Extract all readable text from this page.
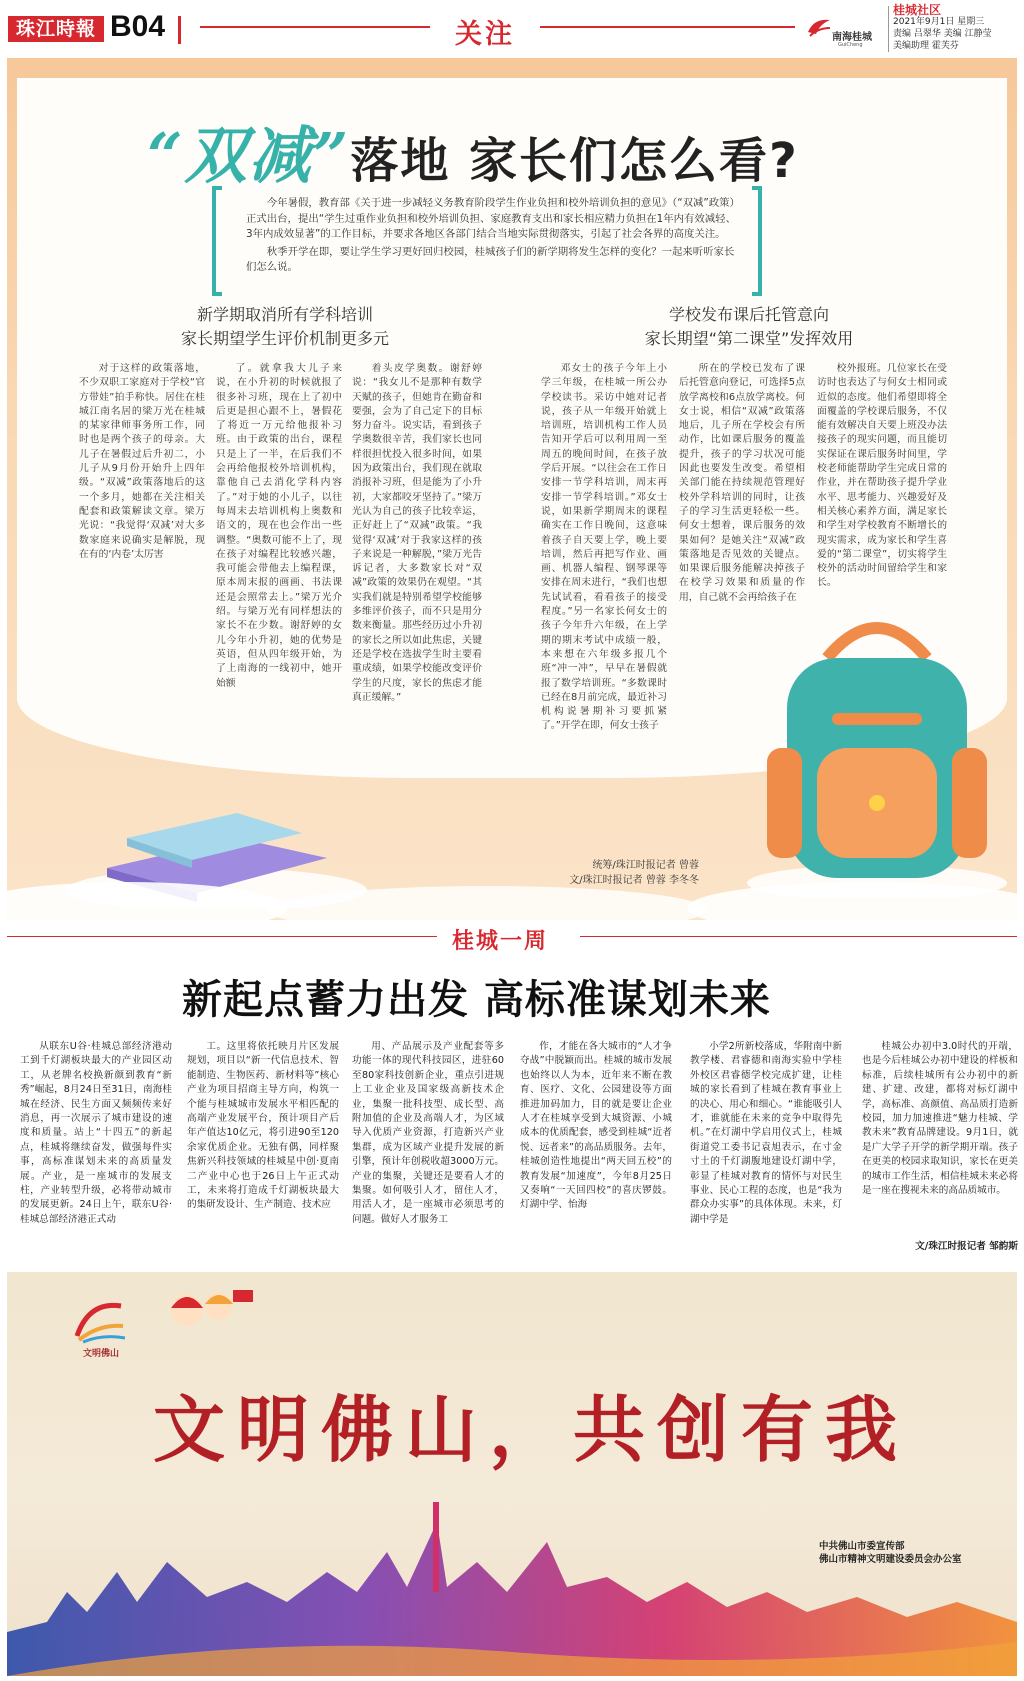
珠江時報 B04	关注	南海桂城
GuiCheng
桂城社区
2021年9月1日 星期三
责编 吕翠华 美编 江静莹
美编助理 霍芙芬
“双减”落地 家长们怎么看?

今年暑假，教育部《关于进一步减轻义务教育阶段学生作业负担和校外培训负担的意见》（“双减”政策）正式出台，提出“学生过重作业负担和校外培训负担、家庭教育支出和家长相应精力负担在1年内有效减轻、3年内成效显著”的工作目标，并要求各地区各部门结合当地实际贯彻落实，引起了社会各界的高度关注。

秋季开学在即，要让学生学习更好回归校园，桂城孩子们的新学期将发生怎样的变化？一起来听听家长们怎么说。

新学期取消所有学科培训
家长期望学生评价机制更多元
学校发布课后托管意向
家长期望“第二课堂”发挥效用
对于这样的政策落地，不少双职工家庭对于学校“官方带娃”拍手称快。居住在桂城江南名居的梁万光在桂城的某家律师事务所工作，同时也是两个孩子的母亲。大儿子在暑假过后升初二，小儿子从9月份开始升上四年级。“双减”政策落地后的这一个多月，她都在关注相关配套和政策解读文章。梁万光说：“我觉得‘双减’对大多数家庭来说确实是解脱，现在有的‘内卷’太厉害
了。就拿我大儿子来说，在小升初的时候就报了很多补习班，现在上了初中后更是担心跟不上，暑假花了将近一万元给他报补习班。由于政策的出台，课程只是上了一半，在后我们不会再给他报校外培训机构，靠他自己去消化学科内容了。”对于她的小儿子，以往每周末去培训机构上奥数和语文的，现在也会作出一些调整。“奥数可能不上了，现在孩子对编程比较感兴趣，我可能会带他去上编程课，原本周末报的画画、书法课还是会照常去上。”梁万光介绍。与梁万光有同样想法的家长不在少数。谢舒婷的女儿今年小升初，她的优势是英语，但从四年级开始，为了上南海的一线初中，她开始额
着头皮学奥数。谢舒婷说：“我女儿不是那种有数学天赋的孩子，但她肯在勤奋和要强，会为了自己定下的目标努力奋斗。说实话，看到孩子学奥数很辛苦，我们家长也同样很担忧投入很多时间，如果因为政策出台，我们现在就取消报补习班，但是能为了小升初，大家都咬牙坚持了。”梁万光认为自己的孩子比较幸运，正好赶上了“双减”政策。“我觉得‘双减’对于我家这样的孩子来说是一种解脱，”梁万光告诉记者，大多数家长对“双减”政策的效果仍在观望。“其实我们就是特别希望学校能够多维评价孩子，而不只是用分数来衡量。那些经历过小升初的家长之所以如此焦虑，关键还是学校在选拔学生时主要看重成绩，如果学校能改变评价学生的尺度，家长的焦虑才能真正缓解。”
邓女士的孩子今年上小学三年级，在桂城一所公办学校读书。采访中她对记者说，孩子从一年级开始就上培训班，培训机构工作人员告知开学后可以利用周一至周五的晚间时间，在孩子放学后开展。“以往会在工作日安排一节学科培训，周末再安排一节学科培训。”邓女士说，如果新学期周末的课程确实在工作日晚间，这意味着孩子自天要上学，晚上要培训，然后再把写作业、画画、机器人编程、钢琴课等安排在周末进行，“我们也想先试试看，看看孩子的接受程度。”另一名家长何女士的孩子今年升六年级，在上学期的期末考试中成绩一般，本来想在六年级多报几个班“冲一冲”，早早在暑假就报了数学培训班。“多数课时已经在8月前完成，最近补习机构说暑期补习要抓紧了。”开学在即，何女士孩子
所在的学校已发布了课后托管意向登记，可选择5点放学离校和6点放学离校。何女士说，相信“双减”政策落地后，儿子所在学校会有所动作，比如课后服务的覆盖提升，孩子的学习状况可能因此也要发生改变。希望相关部门能在持续规范管理好校外学科培训的同时，让孩子的学习生活更轻松一些。何女士想着，课后服务的效果如何？是她关注“双减”政策落地是否见效的关键点。如果课后服务能解决掉孩子在校学习效果和质量的作用，自己就不会再给孩子在
校外报班。几位家长在受访时也表达了与何女士相同或近似的态度。他们希望即将全面覆盖的学校课后服务，不仅能有效解决自天要上班没办法接孩子的现实问题，而且能切实保证在课后服务时间里，学校老师能帮助学生完成日常的作业，并在帮助孩子提升学业水平、思考能力、兴趣爱好及相关核心素养方面，满足家长和学生对学校教育不断增长的现实需求，成为家长和学生喜爱的“第二课堂”，切实将学生校外的活动时间留给学生和家长。
统筹/珠江时报记者 曾蓉
文/珠江时报记者 曾蓉 李冬冬
桂城一周
新起点蓄力出发 高标准谋划未来
从联东U谷·桂城总部经济港动工到千灯湖板块最大的产业园区动工，从老牌名校换新颜到教育“新秀”崛起，8月24日至31日，南海桂城在经济、民生方面又频频传来好消息，再一次展示了城市建设的速度和质量。站上“十四五”的新起点，桂城将继续奋发，做强每件实事，高标准谋划未来的高质量发展。产业，是一座城市的发展支柱，产业转型升级，必将带动城市的发展更新。24日上午，联东U谷·桂城总部经济港正式动
工。这里将依托映月片区发展规划，项目以“新一代信息技术、智能制造、生物医药、新材料等”核心产业为项目招商主导方向，构筑一个能与桂城城市发展水平相匹配的高端产业发展平台，预计项目产后年产值达10亿元，将引进90至120余家优质企业。无独有偶，同样聚焦新兴科技领域的桂城星中创·夏南二产业中心也于26日上午正式动工，未来将打造成千灯湖板块最大的集研发设计、生产制造、技术应
用、产品展示及产业配套等多功能一体的现代科技园区，进驻60至80家科技创新企业，重点引进规上工业企业及国家级高新技术企业，集聚一批科技型、成长型、高附加值的企业及高端人才，为区域导入优质产业资源，打造新兴产业集群，成为区域产业提升发展的新引擎，预计年创税收超3000万元。产业的集聚，关键还是要看人才的集聚。如何吸引人才，留住人才，用活人才，是一座城市必须思考的问题。做好人才服务工
作，才能在各大城市的“人才争夺战”中脱颖而出。桂城的城市发展也始终以人为本，近年来不断在教育、医疗、文化、公园建设等方面推进加码加力，目的就是要让企业人才在桂城享受到大城资源、小城成本的优质配套，感受到桂城“近者悦、远者来”的高品质服务。去年，桂城创造性地提出“两天回五校”的教育发展“加速度”，今年8月25日又奏响“一天回四校”的喜庆锣鼓。灯湖中学、怡海
小学2所新校落成，华附南中新教学楼、君睿德和南海实验中学桂外校区君睿德学校完成扩建，让桂城的家长看到了桂城在教育事业上的决心、用心和细心。“谁能吸引人才，谁就能在未来的竞争中取得先机。”在灯湖中学启用仪式上，桂城街道党工委书记袁旭表示，在寸金寸土的千灯湖腹地建设灯湖中学，彰显了桂城对教育的情怀与对民生事业、民心工程的态度，也是“我为群众办实事”的具体体现。未来，灯湖中学是
桂城公办初中3.0时代的开端，也是今后桂城公办初中建设的样板和标准，后续桂城所有公办初中的新建、扩建、改建，都将对标灯湖中学，高标准、高颜值、高品质打造新校园，加力加速推进“魅力桂城、学教未来”教育品牌建设。9月1日，就是广大学子开学的新学期开端。孩子在更美的校园求取知识，家长在更美的城市工作生活，相信桂城未来必将是一座在搜视未来的高品质城市。
文/珠江时报记者 邹韵斯
文明佛山
文明佛山，共创有我
中共佛山市委宣传部
佛山市精神文明建设委员会办公室
